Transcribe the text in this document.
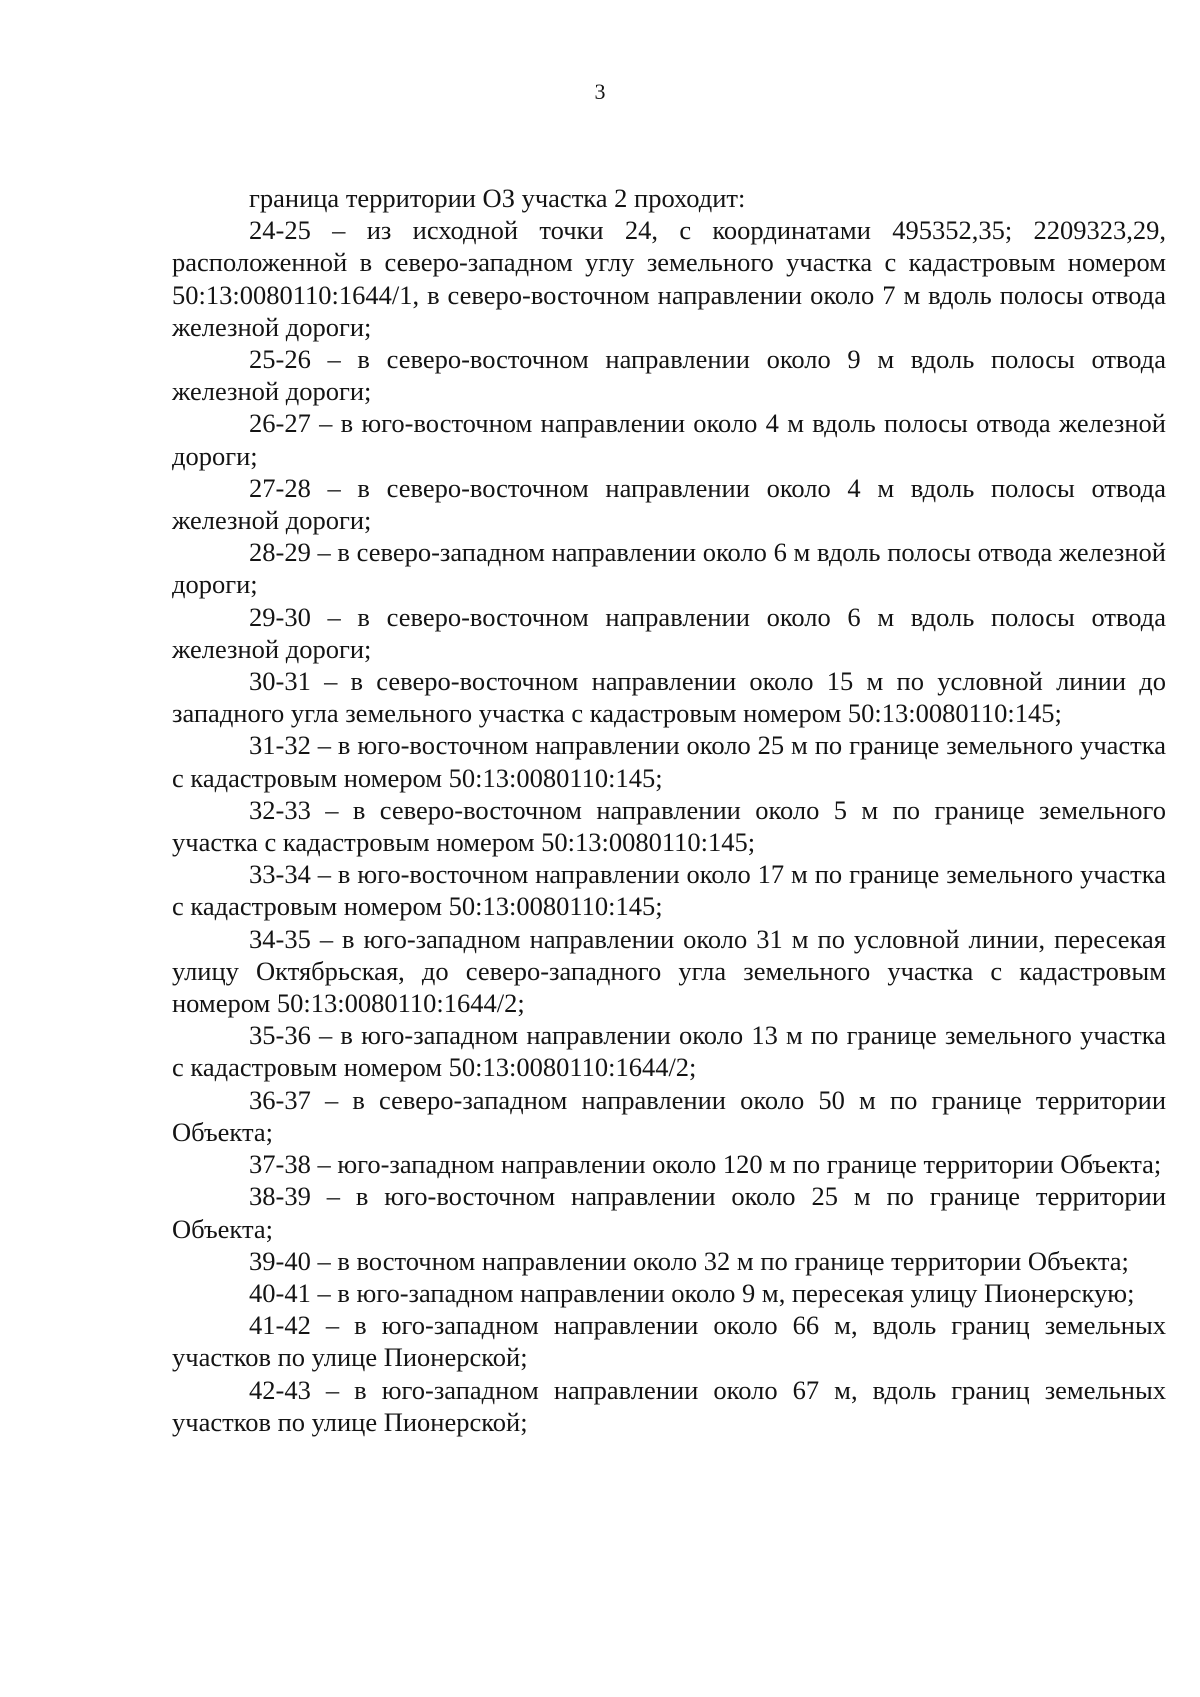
3

граница территории ОЗ участка 2 проходит:

24-25 – из исходной точки 24, с координатами 495352,35; 2209323,29, расположенной в северо-западном углу земельного участка с кадастровым номером 50:13:0080110:1644/1, в северо-восточном направлении около 7 м вдоль полосы отвода железной дороги;

25-26 – в северо-восточном направлении около 9 м вдоль полосы отвода железной дороги;

26-27 – в юго-восточном направлении около 4 м вдоль полосы отвода железной дороги;

27-28 – в северо-восточном направлении около 4 м вдоль полосы отвода железной дороги;

28-29 – в северо-западном направлении около 6 м вдоль полосы отвода железной дороги;

29-30 – в северо-восточном направлении около 6 м вдоль полосы отвода железной дороги;

30-31 – в северо-восточном направлении около 15 м по условной линии до западного угла земельного участка с кадастровым номером 50:13:0080110:145;

31-32 – в юго-восточном направлении около 25 м по границе земельного участка с кадастровым номером 50:13:0080110:145;

32-33 – в северо-восточном направлении около 5 м по границе земельного участка с кадастровым номером 50:13:0080110:145;

33-34 – в юго-восточном направлении около 17 м по границе земельного участка с кадастровым номером 50:13:0080110:145;

34-35 – в юго-западном направлении около 31 м по условной линии, пересекая улицу Октябрьская, до северо-западного угла земельного участка с кадастровым номером 50:13:0080110:1644/2;

35-36 – в юго-западном направлении около 13 м по границе земельного участка с кадастровым номером 50:13:0080110:1644/2;

36-37 – в северо-западном направлении около 50 м по границе территории Объекта;

37-38 – юго-западном направлении около 120 м по границе территории Объекта;

38-39 – в юго-восточном направлении около 25 м по границе территории Объекта;

39-40 – в восточном направлении около 32 м по границе территории Объекта;

40-41 – в юго-западном направлении около 9 м, пересекая улицу Пионерскую;

41-42 – в юго-западном направлении около 66 м, вдоль границ земельных участков по улице Пионерской;

42-43 – в юго-западном направлении около 67 м, вдоль границ земельных участков по улице Пионерской;
